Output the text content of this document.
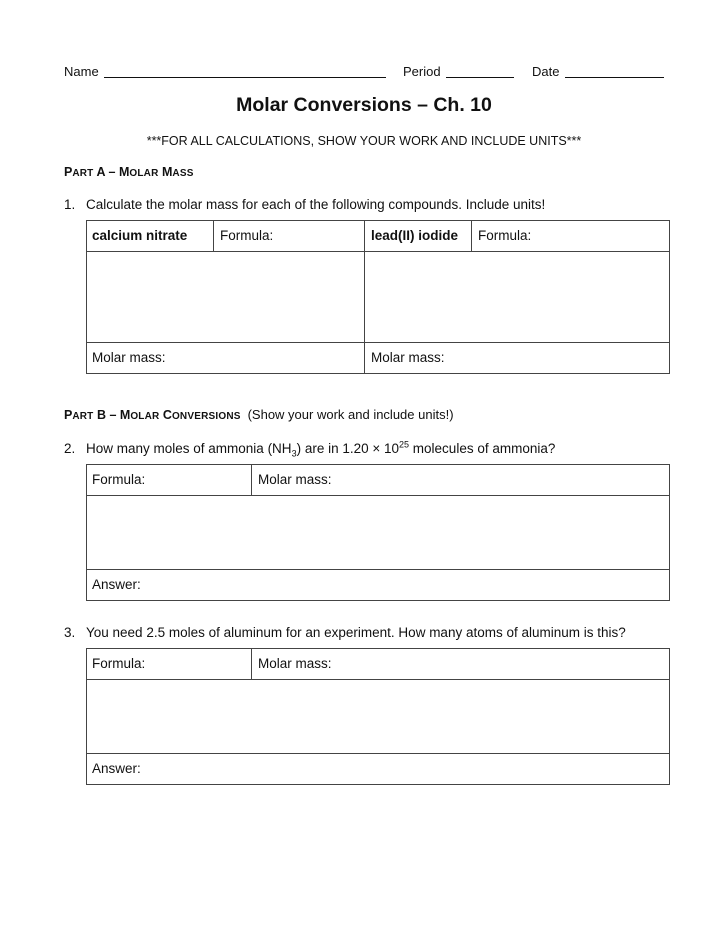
Name	Period	Date
Molar Conversions – Ch. 10
***FOR ALL CALCULATIONS, SHOW YOUR WORK AND INCLUDE UNITS***
PART A – MOLAR MASS
1. Calculate the molar mass for each of the following compounds. Include units!
calcium nitrate Formula:	lead(II) iodide Formula:
Molar mass:	Molar mass:
PART B – MOLAR CONVERSIONS (Show your work and include units!)
2. How many moles of ammonia $(NH_3)$ are in $1.20 \times 10^{25}$ molecules of ammonia?
Formula:	Molar mass:
Answer:
3. You need 2.5 moles of aluminum for an experiment. How many atoms of aluminum is this?
Formula:	Molar mass:
Answer:
